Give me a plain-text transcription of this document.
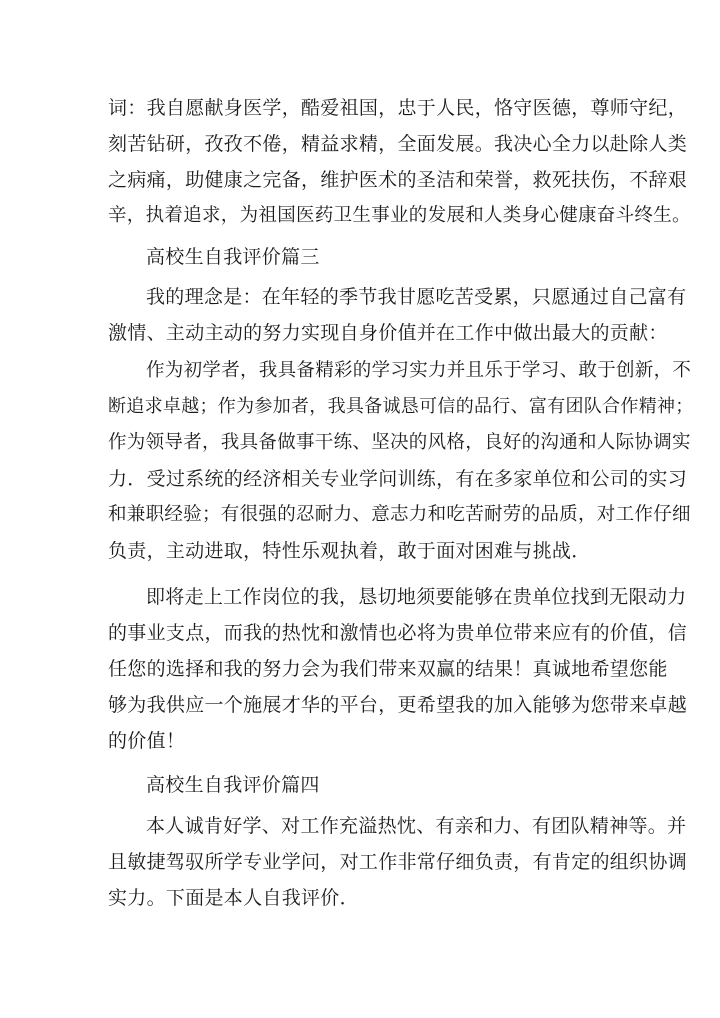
词：我自愿献身医学，酷爱祖国，忠于人民，恪守医德，尊师守纪，
刻苦钻研，孜孜不倦，精益求精，全面发展。我决心全力以赴除人类
之病痛，助健康之完备，维护医术的圣洁和荣誉，救死扶伤，不辞艰
辛，执着追求，为祖国医药卫生事业的发展和人类身心健康奋斗终生。
高校生自我评价篇三
我的理念是：在年轻的季节我甘愿吃苦受累，只愿通过自己富有
激情、主动主动的努力实现自身价值并在工作中做出最大的贡献：
作为初学者，我具备精彩的学习实力并且乐于学习、敢于创新，不
断追求卓越；作为参加者，我具备诚恳可信的品行、富有团队合作精神；
作为领导者，我具备做事干练、坚决的风格，良好的沟通和人际协调实
力．受过系统的经济相关专业学问训练，有在多家单位和公司的实习
和兼职经验；有很强的忍耐力、意志力和吃苦耐劳的品质，对工作仔细
负责，主动进取，特性乐观执着，敢于面对困难与挑战．
即将走上工作岗位的我，恳切地须要能够在贵单位找到无限动力
的事业支点，而我的热忱和激情也必将为贵单位带来应有的价值，信
任您的选择和我的努力会为我们带来双赢的结果！真诚地希望您能
够为我供应一个施展才华的平台，更希望我的加入能够为您带来卓越
的价值！
高校生自我评价篇四
本人诚肯好学、对工作充溢热忱、有亲和力、有团队精神等。并
且敏捷驾驭所学专业学问，对工作非常仔细负责，有肯定的组织协调
实力。下面是本人自我评价．
